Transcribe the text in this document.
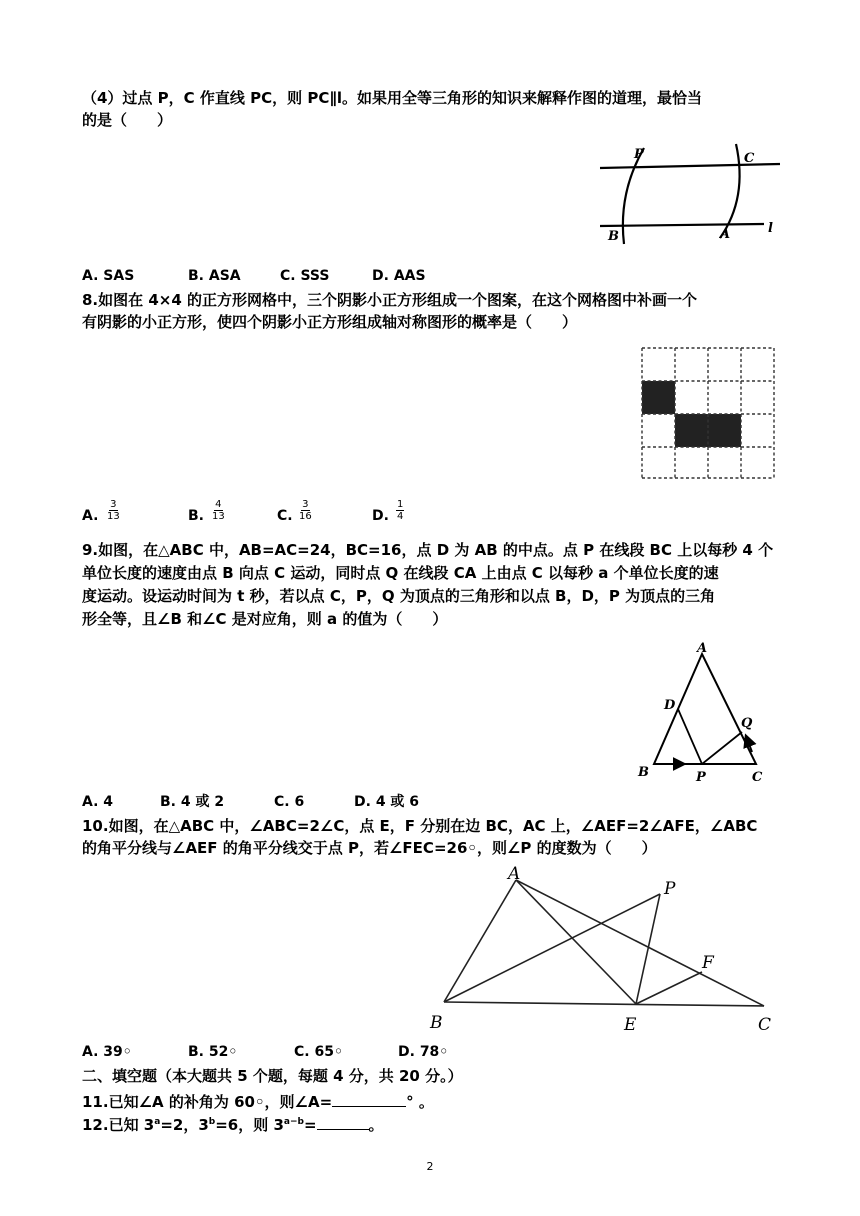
（4）过点 P，C 作直线 PC，则 PC∥l。如果用全等三角形的知识来解释作图的道理，最恰当
的是（　　）
P	C
B	A	l
A. SAS	B. ASA	C. SSS	D. AAS
8.如图在 4×4 的正方形网格中，三个阴影小正方形组成一个图案，在这个网格图中补画一个
有阴影的小正方形，使四个阴影小正方形组成轴对称图形的概率是（　　）
A. $\frac{3}{13}$	B. $\frac{4}{13}$	C. $\frac{3}{16}$	D. $\frac{1}{4}$
9.如图，在△ABC 中，AB=AC=24，BC=16，点 D 为 AB 的中点。点 P 在线段 BC 上以每秒 4 个
单位长度的速度由点 B 向点 C 运动，同时点 Q 在线段 CA 上由点 C 以每秒 a 个单位长度的速
度运动。设运动时间为 t 秒，若以点 C，P，Q 为顶点的三角形和以点 B，D，P 为顶点的三角
形全等，且∠B 和∠C 是对应角，则 a 的值为（　　）
A
D
Q
B	P	C
A. 4	B. 4 或 2	C. 6	D. 4 或 6
10.如图，在△ABC 中，∠ABC=2∠C，点 E，F 分别在边 BC，AC 上，∠AEF=2∠AFE，∠ABC
的角平分线与∠AEF 的角平分线交于点 P，若∠FEC=26◦，则∠P 的度数为（　　）
A
P
F
B	E	C
A. 39◦	B. 52◦	C. 65◦	D. 78◦
二、填空题（本大题共 5 个题，每题 4 分，共 20 分。）
11.已知∠A 的补角为 60◦，则∠A=	° 。
12.已知 $3^a=2$，$3^b=6$，则 $3^{a-b}=$	。
2
